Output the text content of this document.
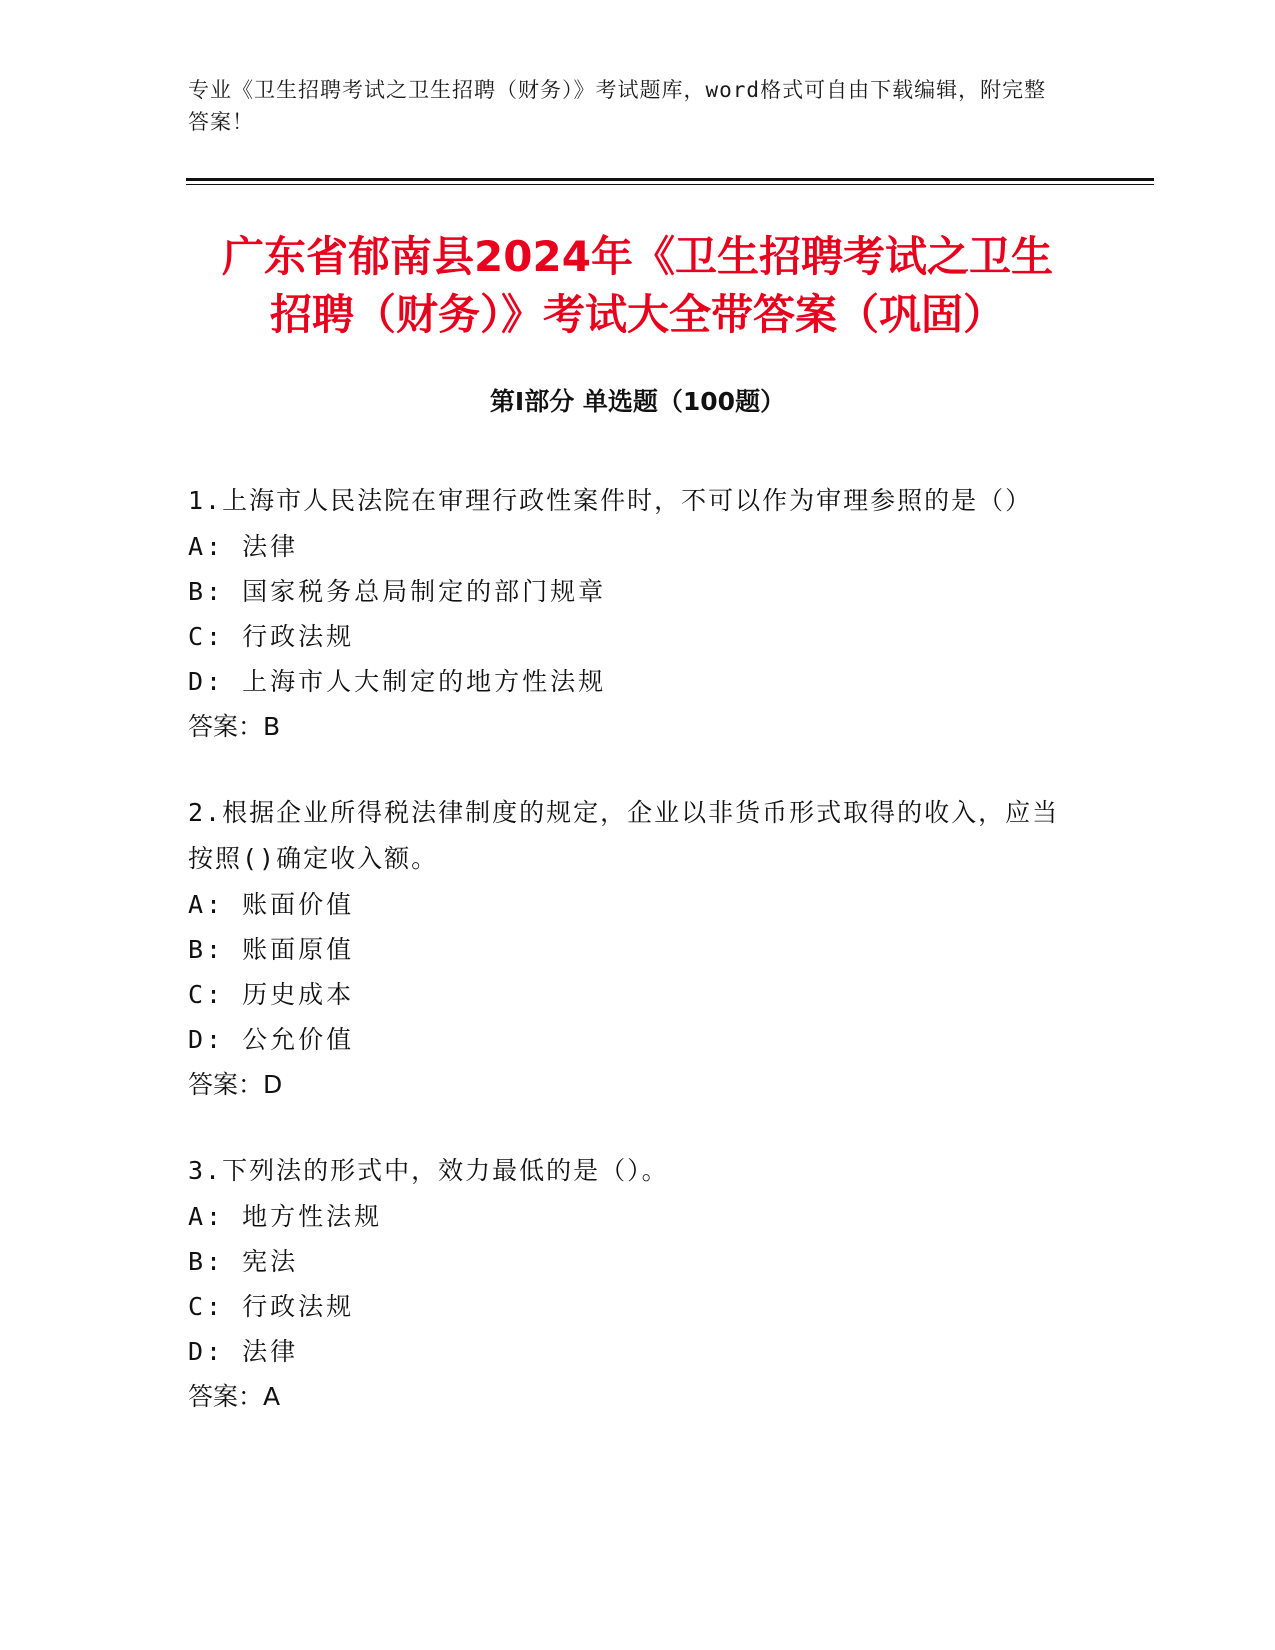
专业《卫生招聘考试之卫生招聘（财务）》考试题库，word格式可自由下载编辑，附完整答案！
广东省郁南县2024年《卫生招聘考试之卫生
招聘（财务）》考试大全带答案（巩固）
第Ⅰ部分 单选题（100题）
1.上海市人民法院在审理行政性案件时，不可以作为审理参照的是（）
A: 法律
B: 国家税务总局制定的部门规章
C: 行政法规
D: 上海市人大制定的地方性法规
答案：B
2.根据企业所得税法律制度的规定，企业以非货币形式取得的收入，应当按照()确定收入额。
A: 账面价值
B: 账面原值
C: 历史成本
D: 公允价值
答案：D
3.下列法的形式中，效力最低的是（）。
A: 地方性法规
B: 宪法
C: 行政法规
D: 法律
答案：A
